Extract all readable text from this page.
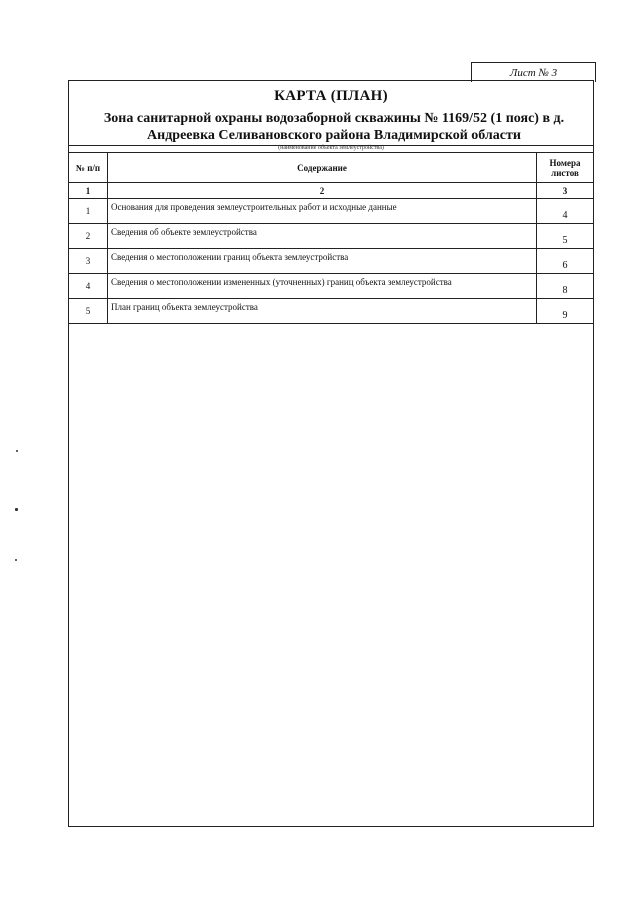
Лист № 3
КАРТА (ПЛАН)
Зона санитарной охраны водозаборной скважины № 1169/52 (1 пояс) в д.
Андреевка Селивановского района Владимирской области
(наименование объекта землеустройства)
№ п/п	Содержание	Номера листов
1	2	3
1	Основания для проведения землеустроительных работ и исходные данные	4
2	Сведения об объекте землеустройства	5
3	Сведения о местоположении границ объекта землеустройства	6
4	Сведения о местоположении измененных (уточненных) границ объекта землеустройства	8
5	План границ объекта землеустройства	9
